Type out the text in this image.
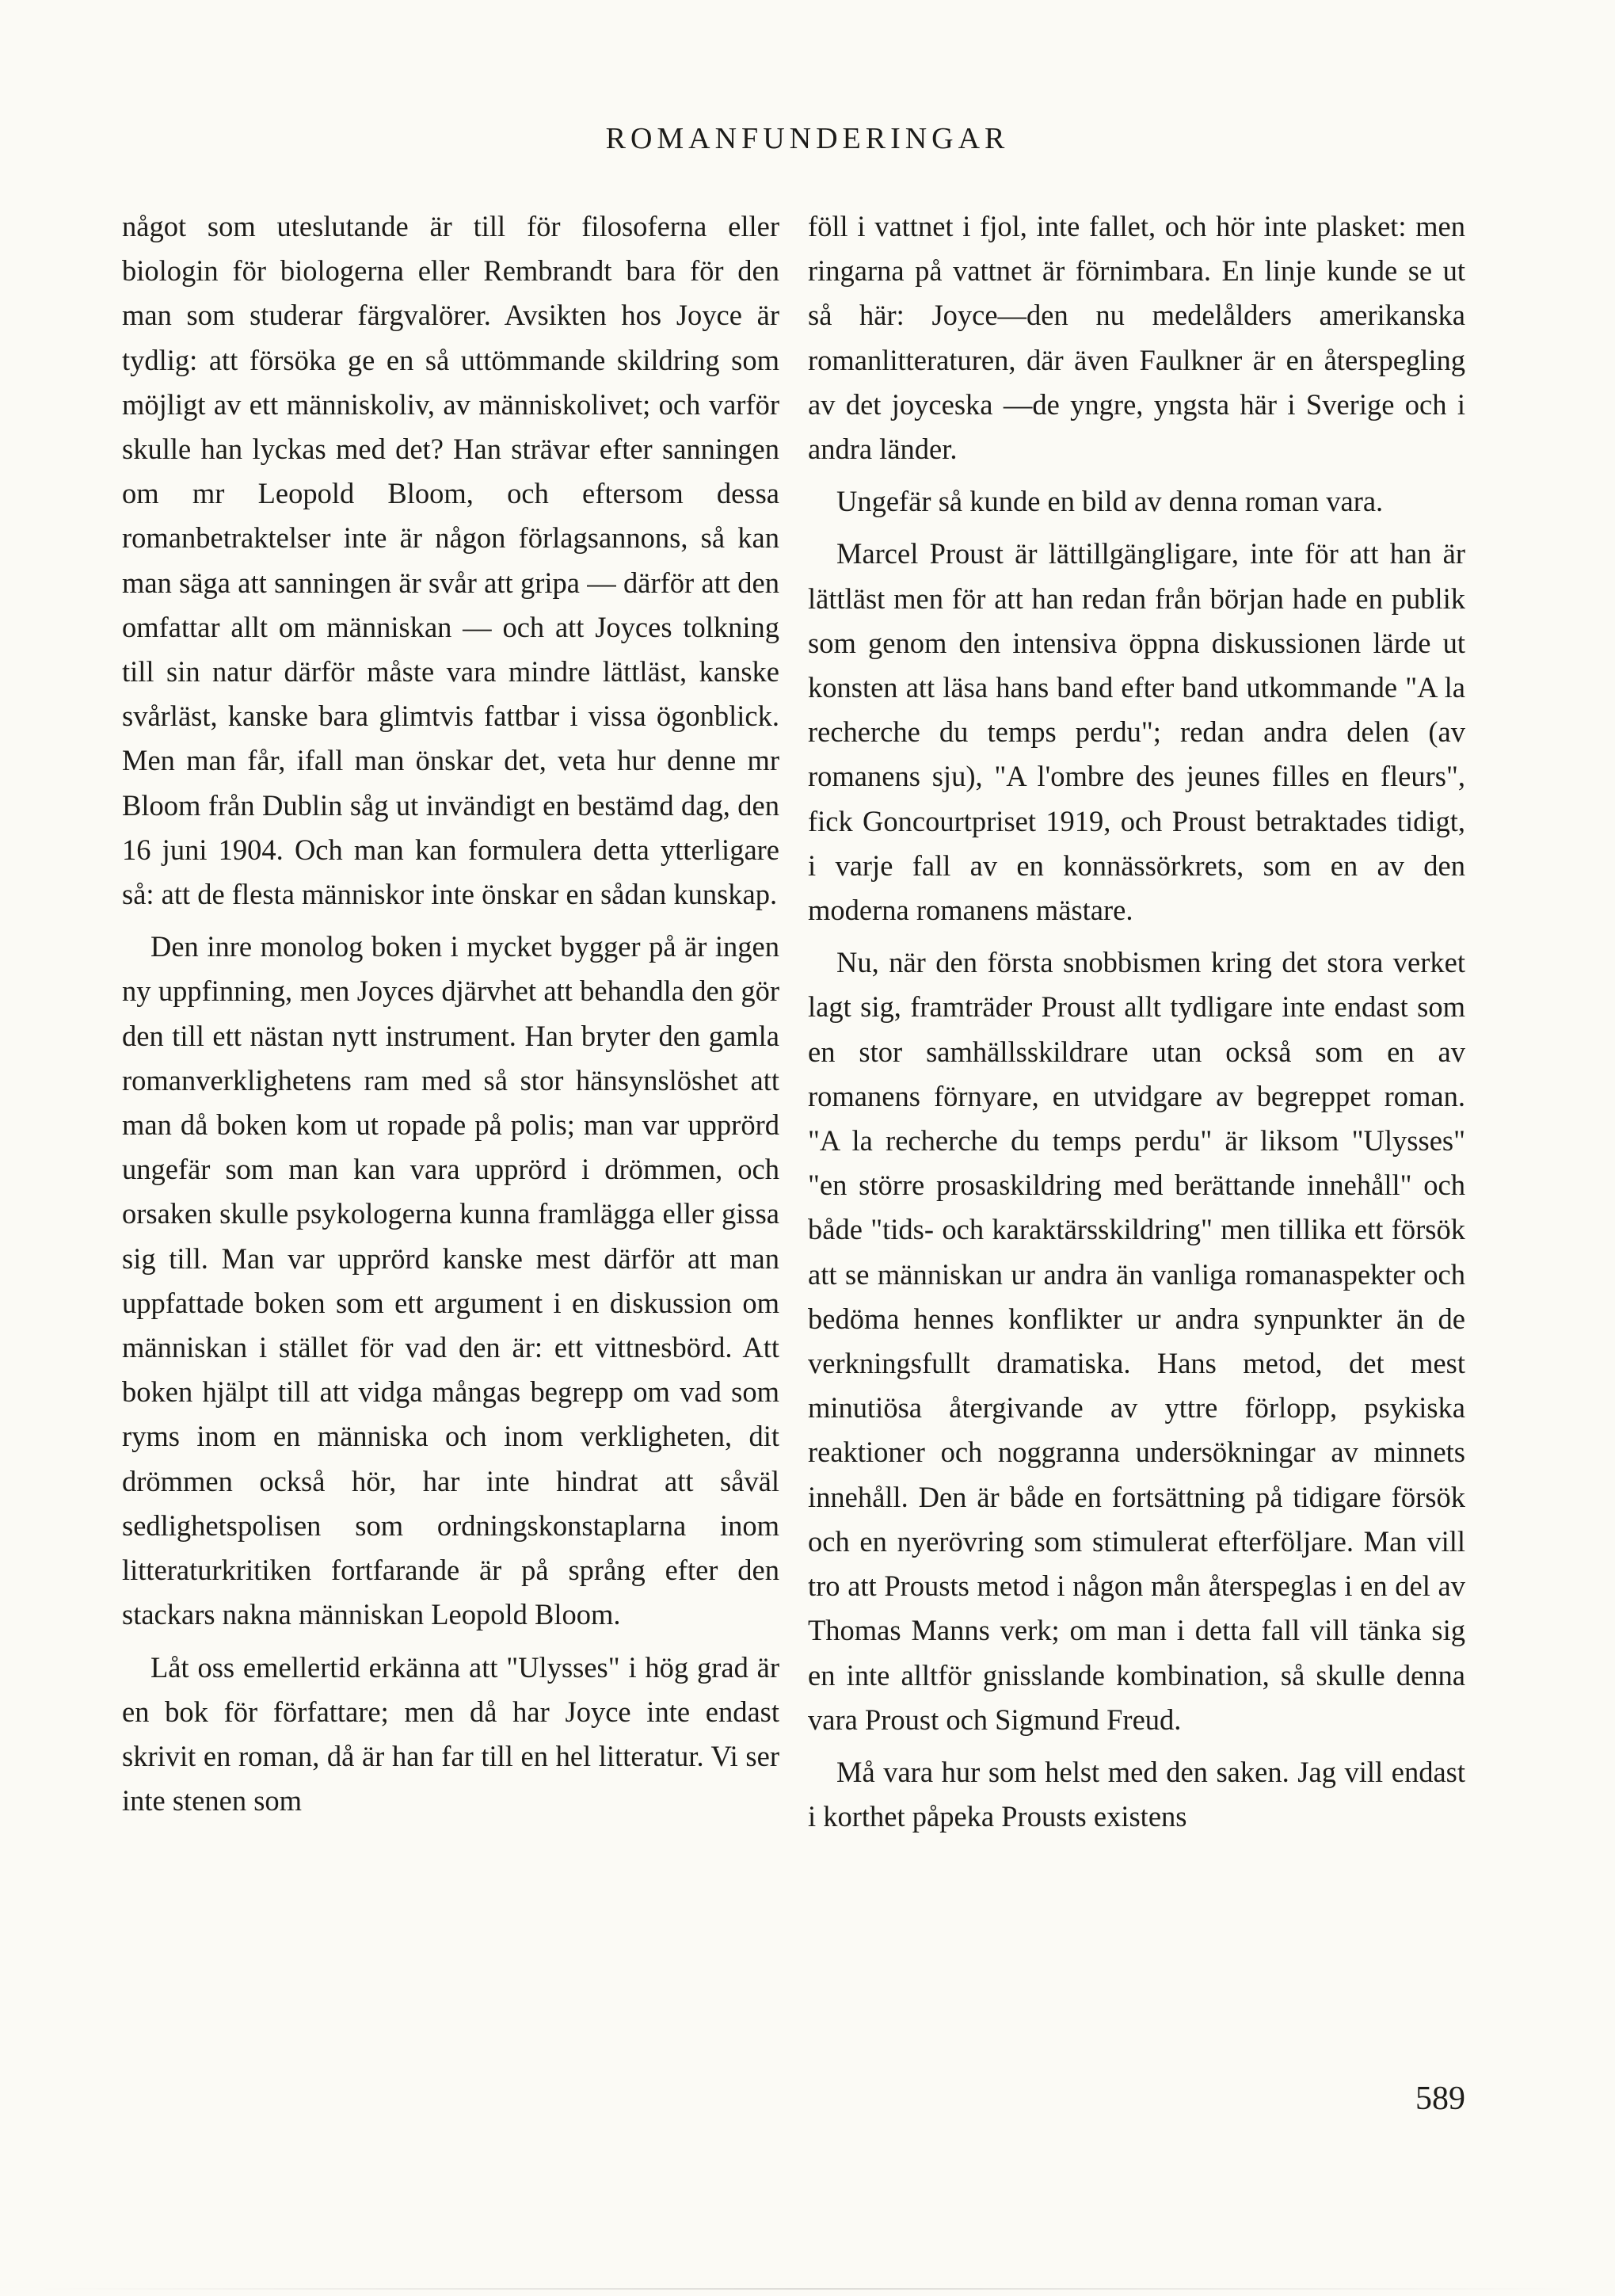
ROMANFUNDERINGAR

något som uteslutande är till för filosoferna eller biologin för biologerna eller Rembrandt bara för den man som studerar färgvalörer. Avsikten hos Joyce är tydlig: att försöka ge en så uttömmande skildring som möjligt av ett människoliv, av människolivet; och varför skulle han lyckas med det? Han strävar efter sanningen om mr Leopold Bloom, och eftersom dessa romanbetraktelser inte är någon förlagsannons, så kan man säga att sanningen är svår att gripa — därför att den omfattar allt om människan — och att Joyces tolkning till sin natur därför måste vara mindre lättläst, kanske svårläst, kanske bara glimtvis fattbar i vissa ögonblick. Men man får, ifall man önskar det, veta hur denne mr Bloom från Dublin såg ut invändigt en bestämd dag, den 16 juni 1904. Och man kan formulera detta ytterligare så: att de flesta människor inte önskar en sådan kunskap.

Den inre monolog boken i mycket bygger på är ingen ny uppfinning, men Joyces djärvhet att behandla den gör den till ett nästan nytt instrument. Han bryter den gamla romanverklighetens ram med så stor hänsynslöshet att man då boken kom ut ropade på polis; man var upprörd ungefär som man kan vara upprörd i drömmen, och orsaken skulle psykologerna kunna framlägga eller gissa sig till. Man var upprörd kanske mest därför att man uppfattade boken som ett argument i en diskussion om människan i stället för vad den är: ett vittnesbörd. Att boken hjälpt till att vidga mångas begrepp om vad som ryms inom en människa och inom verkligheten, dit drömmen också hör, har inte hindrat att såväl sedlighetspolisen som ordningskonstaplarna inom litteraturkritiken fortfarande är på språng efter den stackars nakna människan Leopold Bloom.

Låt oss emellertid erkänna att "Ulysses" i hög grad är en bok för författare; men då har Joyce inte endast skrivit en roman, då är han far till en hel litteratur. Vi ser inte stenen som

föll i vattnet i fjol, inte fallet, och hör inte plasket: men ringarna på vattnet är förnimbara. En linje kunde se ut så här: Joyce—den nu medelålders amerikanska romanlitteraturen, där även Faulkner är en återspegling av det joyceska —de yngre, yngsta här i Sverige och i andra länder.

Ungefär så kunde en bild av denna roman vara.

Marcel Proust är lättillgängligare, inte för att han är lättläst men för att han redan från början hade en publik som genom den intensiva öppna diskussionen lärde ut konsten att läsa hans band efter band utkommande "A la recherche du temps perdu"; redan andra delen (av romanens sju), "A l'ombre des jeunes filles en fleurs", fick Goncourtpriset 1919, och Proust betraktades tidigt, i varje fall av en konnässörkrets, som en av den moderna romanens mästare.

Nu, när den första snobbismen kring det stora verket lagt sig, framträder Proust allt tydligare inte endast som en stor samhällsskildrare utan också som en av romanens förnyare, en utvidgare av begreppet roman. "A la recherche du temps perdu" är liksom "Ulysses" "en större prosaskildring med berättande innehåll" och både "tids- och karaktärsskildring" men tillika ett försök att se människan ur andra än vanliga romanaspekter och bedöma hennes konflikter ur andra synpunkter än de verkningsfullt dramatiska. Hans metod, det mest minutiösa återgivande av yttre förlopp, psykiska reaktioner och noggranna undersökningar av minnets innehåll. Den är både en fortsättning på tidigare försök och en nyerövring som stimulerat efterföljare. Man vill tro att Prousts metod i någon mån återspeglas i en del av Thomas Manns verk; om man i detta fall vill tänka sig en inte alltför gnisslande kombination, så skulle denna vara Proust och Sigmund Freud.

Må vara hur som helst med den saken. Jag vill endast i korthet påpeka Prousts existens

589
